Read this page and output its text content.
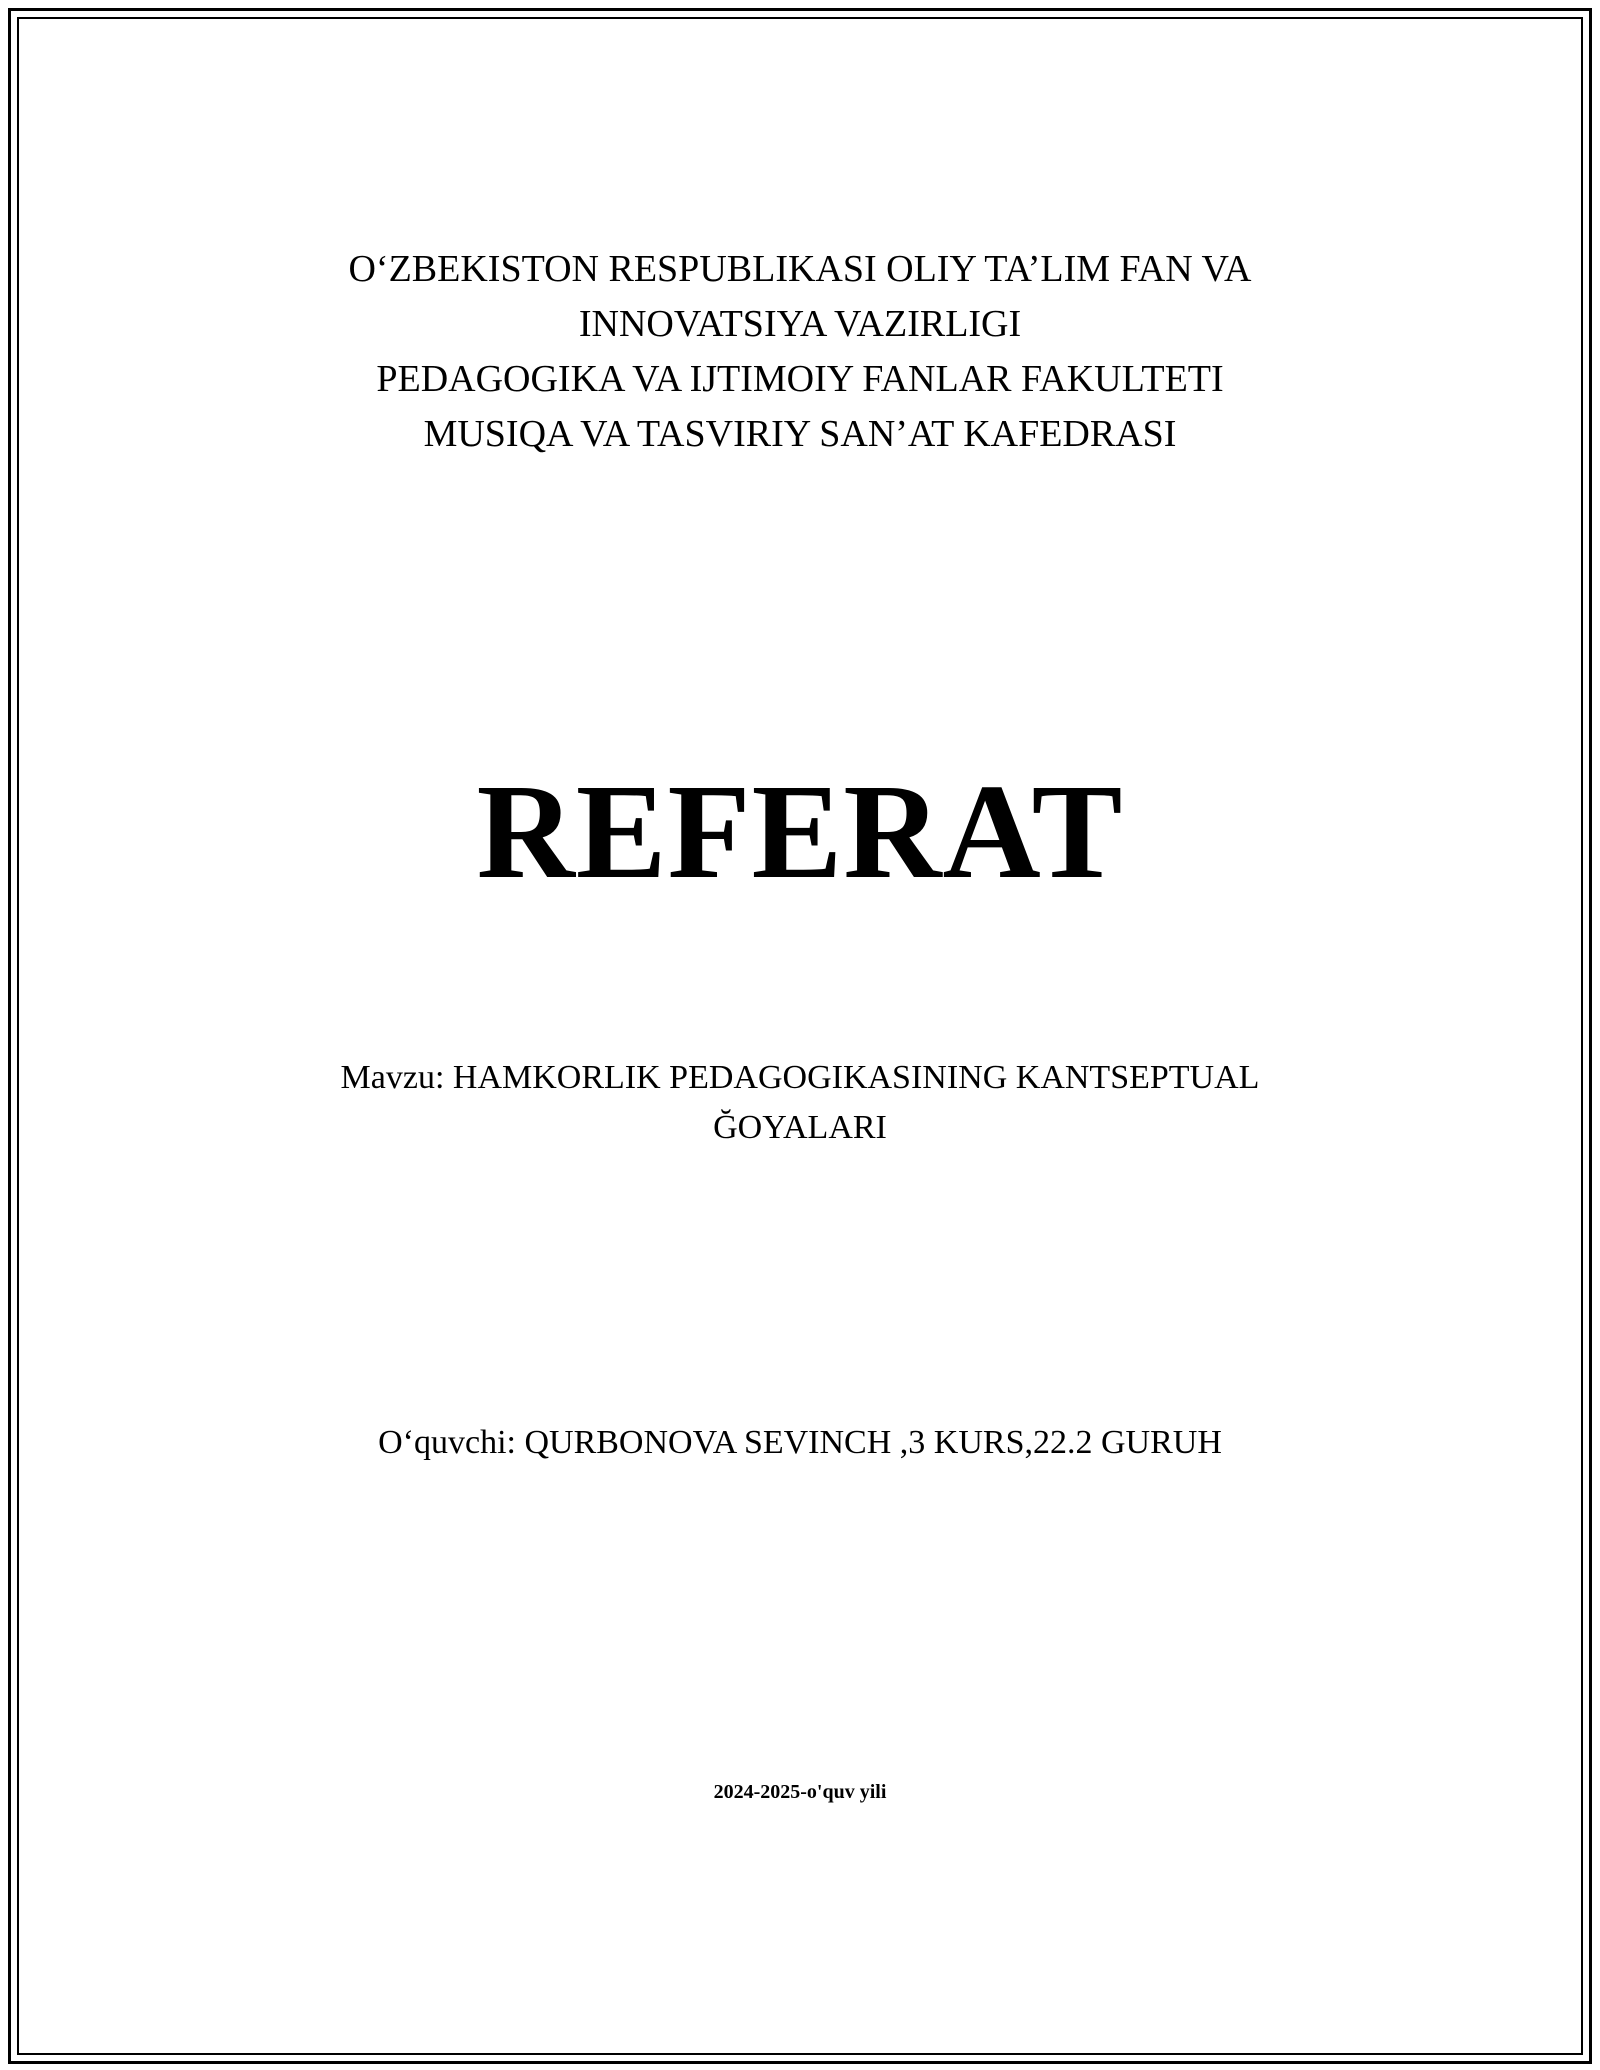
O‘ZBEKISTON RESPUBLIKASI OLIY TA’LIM FAN VA
INNOVATSIYA VAZIRLIGI
PEDAGOGIKA VA IJTIMOIY FANLAR FAKULTETI
MUSIQA VA TASVIRIY SAN’AT KAFEDRASI
REFERAT
Mavzu: HAMKORLIK PEDAGOGIKASINING KANTSEPTUAL
ĞOYALARI
O‘quvchi: QURBONOVA SEVINCH ,3 KURS,22.2 GURUH
2024-2025-o'quv yili
